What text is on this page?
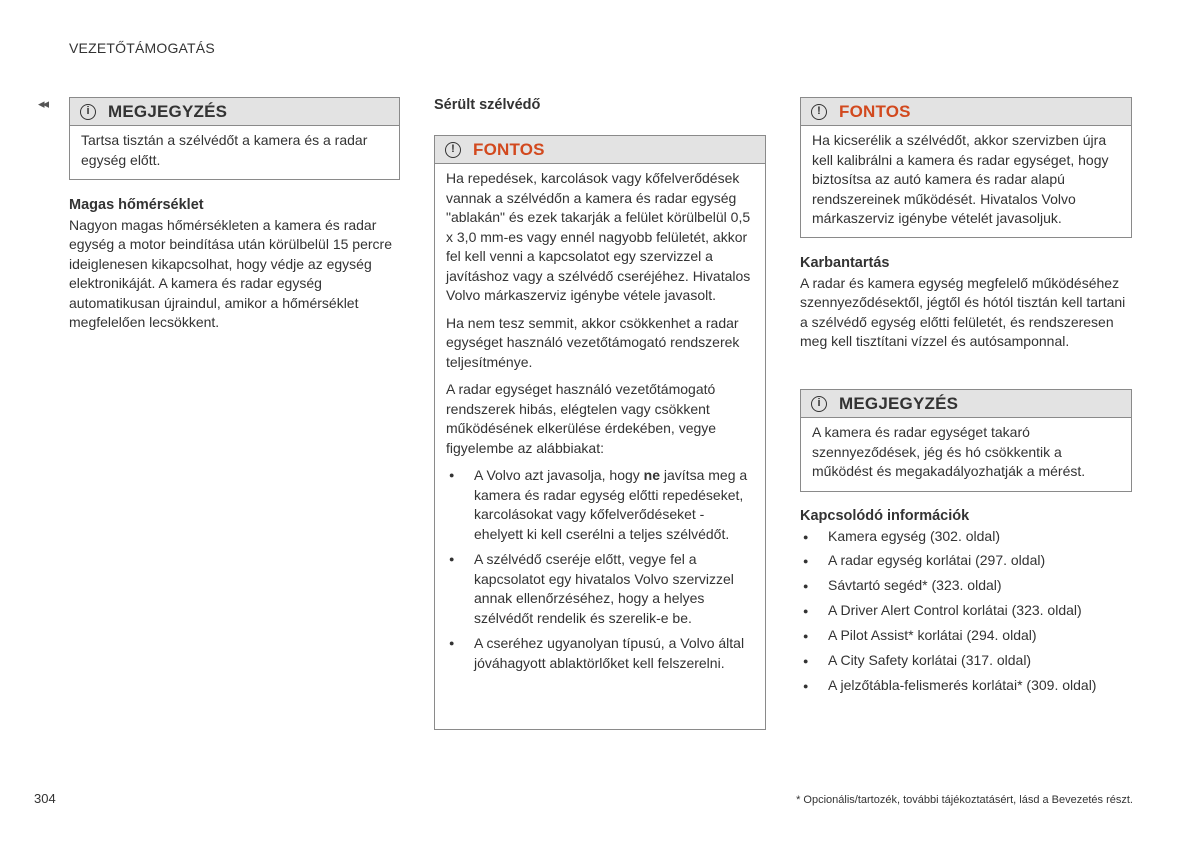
VEZETŐTÁMOGATÁS
◂◂	i	MEGJEGYZÉS

Tartsa tisztán a szélvédőt a kamera és a radar egység előtt.

Magas hőmérséklet

Nagyon magas hőmérsékleten a kamera és radar egység a motor beindítása után körülbelül 15 percre ideiglenesen kikapcsolhat, hogy védje az egység elektronikáját. A kamera és radar egység automatikusan újraindul, amikor a hőmérséklet megfelelően lecsökkent.

Sérült szélvédő
!	FONTOS

Ha repedések, karcolások vagy kőfelverődések vannak a szélvédőn a kamera és radar egység "ablakán" és ezek takarják a felület körülbelül 0,5 x 3,0 mm-es vagy ennél nagyobb felületét, akkor fel kell venni a kapcsolatot egy szervizzel a javításhoz vagy a szélvédő cseréjéhez. Hivatalos Volvo márkaszerviz igénybe vétele javasolt.

Ha nem tesz semmit, akkor csökkenhet a radar egységet használó vezetőtámogató rendszerek teljesítménye.

A radar egységet használó vezetőtámogató rendszerek hibás, elégtelen vagy csökkent működésének elkerülése érdekében, vegye figyelembe az alábbiakat:

● A Volvo azt javasolja, hogy ne javítsa meg a kamera és radar egység előtti repedéseket, karcolásokat vagy kőfelverődéseket - ehelyett ki kell cserélni a teljes szélvédőt.
● A szélvédő cseréje előtt, vegye fel a kapcsolatot egy hivatalos Volvo szervizzel annak ellenőrzéséhez, hogy a helyes szélvédőt rendelik és szerelik-e be.
● A cseréhez ugyanolyan típusú, a Volvo által jóváhagyott ablaktörlőket kell felszerelni.
!	FONTOS

Ha kicserélik a szélvédőt, akkor szervizben újra kell kalibrálni a kamera és radar egységet, hogy biztosítsa az autó kamera és radar alapú rendszereinek működését. Hivatalos Volvo márkaszerviz igénybe vételét javasoljuk.

Karbantartás

A radar és kamera egység megfelelő működéséhez szennyeződésektől, jégtől és hótól tisztán kell tartani a szélvédő egység előtti felületét, és rendszeresen meg kell tisztítani vízzel és autósamponnal.

i	MEGJEGYZÉS

A kamera és radar egységet takaró szennyeződések, jég és hó csökkentik a működést és megakadályozhatják a mérést.

Kapcsolódó információk
● Kamera egység (302. oldal)
● A radar egység korlátai (297. oldal)
● Sávtartó segéd* (323. oldal)
● A Driver Alert Control korlátai (323. oldal)
● A Pilot Assist* korlátai (294. oldal)
● A City Safety korlátai (317. oldal)
● A jelzőtábla-felismerés korlátai* (309. oldal)
304	* Opcionális/tartozék, további tájékoztatásért, lásd a Bevezetés részt.
